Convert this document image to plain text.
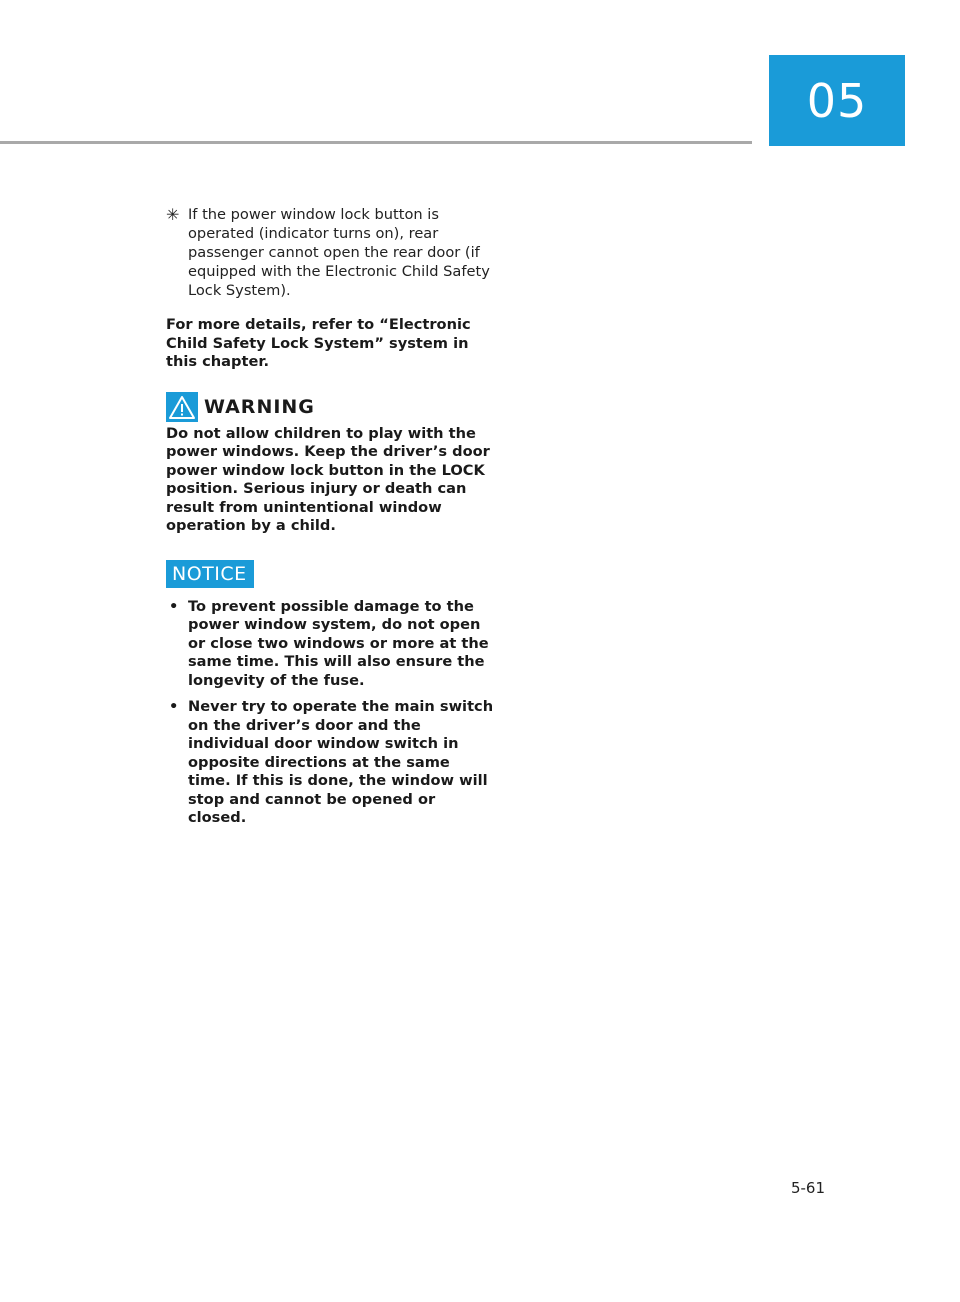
05
✳ If the power window lock button is operated (indicator turns on), rear passenger cannot open the rear door (if equipped with the Electronic Child Safety Lock System).
For more details, refer to “Electronic Child Safety Lock System” system in this chapter.
WARNING
Do not allow children to play with the power windows. Keep the driver’s door power window lock button in the LOCK position. Serious injury or death can result from unintentional window operation by a child.
NOTICE
• To prevent possible damage to the power window system, do not open or close two windows or more at the same time. This will also ensure the longevity of the fuse.
• Never try to operate the main switch on the driver’s door and the individual door window switch in opposite directions at the same time. If this is done, the window will stop and cannot be opened or closed.
5-61
